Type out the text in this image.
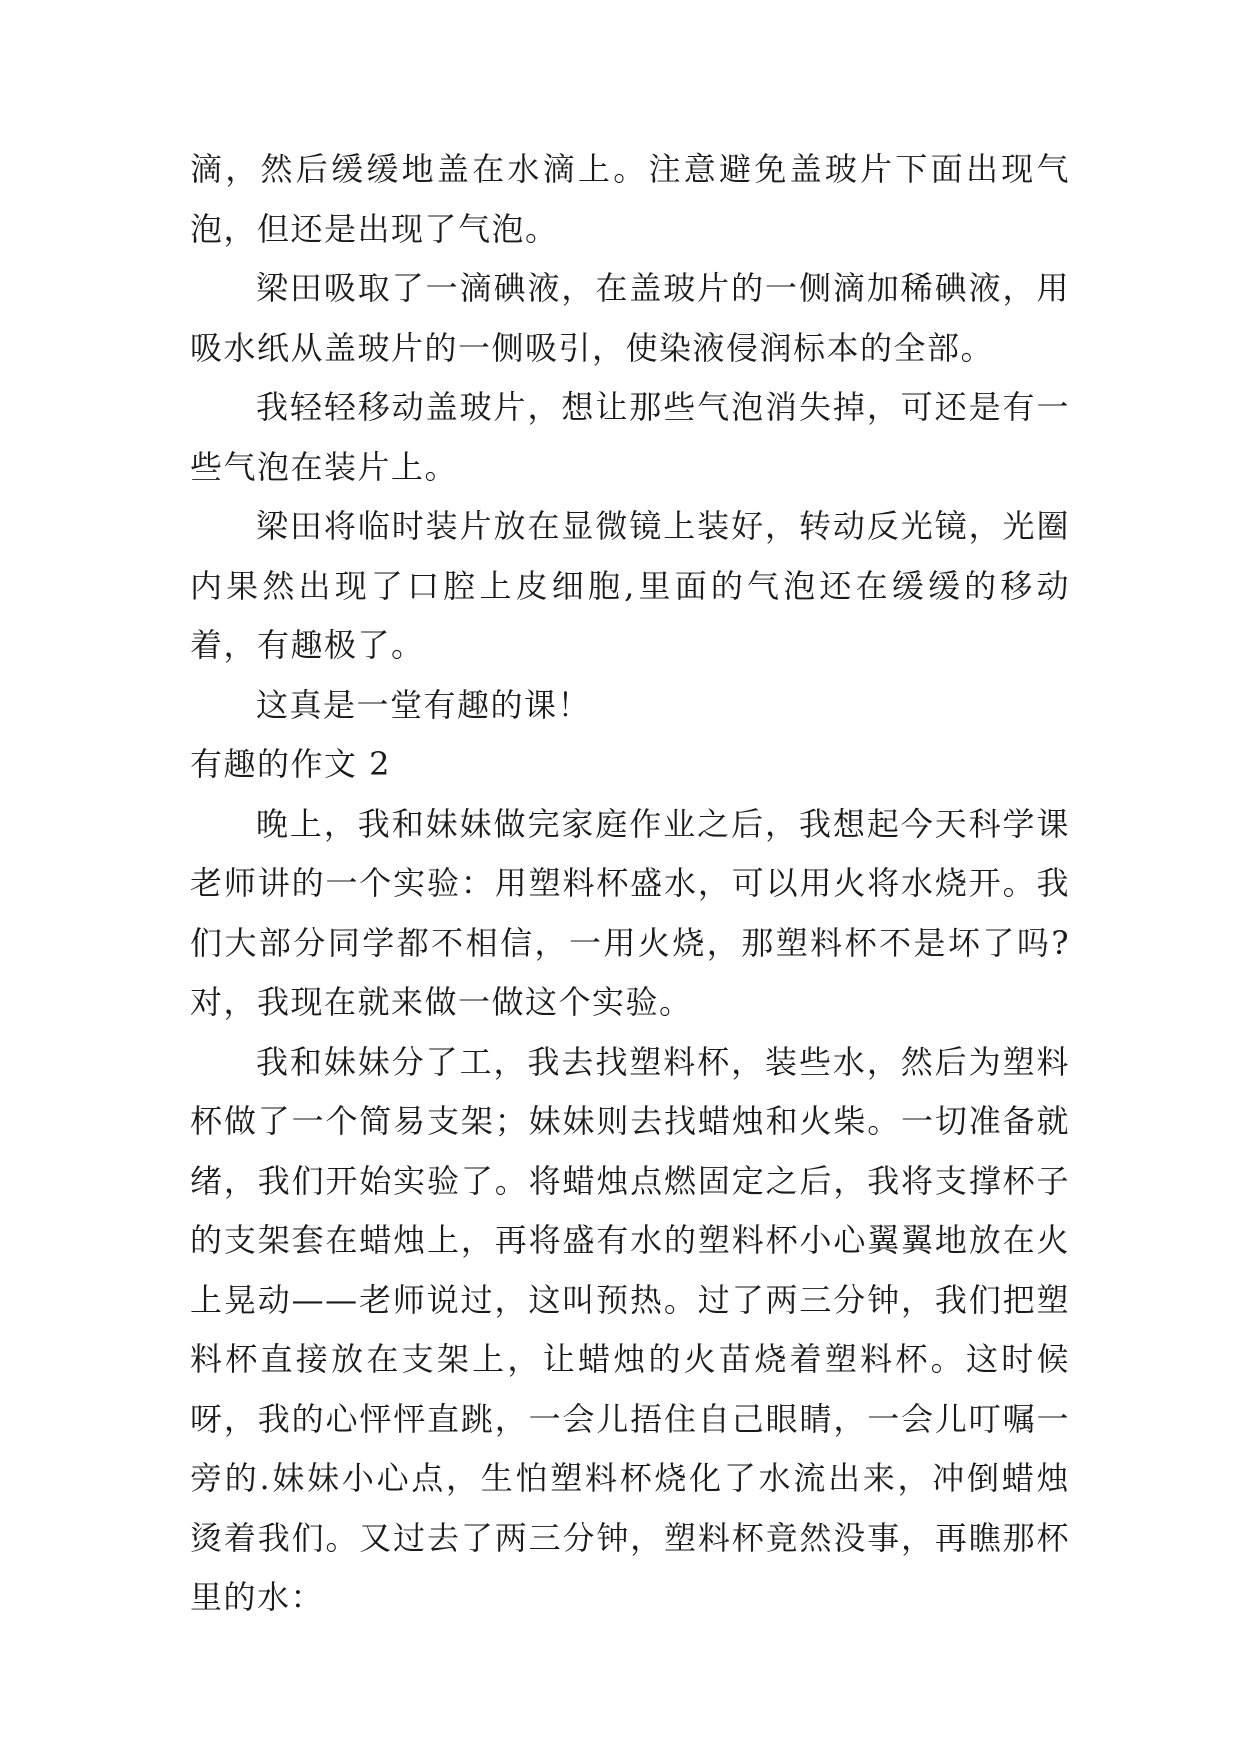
滴，然后缓缓地盖在水滴上。注意避免盖玻片下面出现气泡，但还是出现了气泡。

梁田吸取了一滴碘液，在盖玻片的一侧滴加稀碘液，用吸水纸从盖玻片的一侧吸引，使染液侵润标本的全部。

我轻轻移动盖玻片，想让那些气泡消失掉，可还是有一些气泡在装片上。

梁田将临时装片放在显微镜上装好，转动反光镜，光圈内果然出现了口腔上皮细胞,里面的气泡还在缓缓的移动着，有趣极了。

这真是一堂有趣的课！

有趣的作文 2

晚上，我和妹妹做完家庭作业之后，我想起今天科学课老师讲的一个实验：用塑料杯盛水，可以用火将水烧开。我们大部分同学都不相信，一用火烧，那塑料杯不是坏了吗?对，我现在就来做一做这个实验。

我和妹妹分了工，我去找塑料杯，装些水，然后为塑料杯做了一个简易支架；妹妹则去找蜡烛和火柴。一切准备就绪，我们开始实验了。将蜡烛点燃固定之后，我将支撑杯子的支架套在蜡烛上，再将盛有水的塑料杯小心翼翼地放在火上晃动——老师说过，这叫预热。过了两三分钟，我们把塑料杯直接放在支架上，让蜡烛的火苗烧着塑料杯。这时候呀，我的心怦怦直跳，一会儿捂住自己眼睛，一会儿叮嘱一旁的.妹妹小心点，生怕塑料杯烧化了水流出来，冲倒蜡烛烫着我们。又过去了两三分钟，塑料杯竟然没事，再瞧那杯里的水：
